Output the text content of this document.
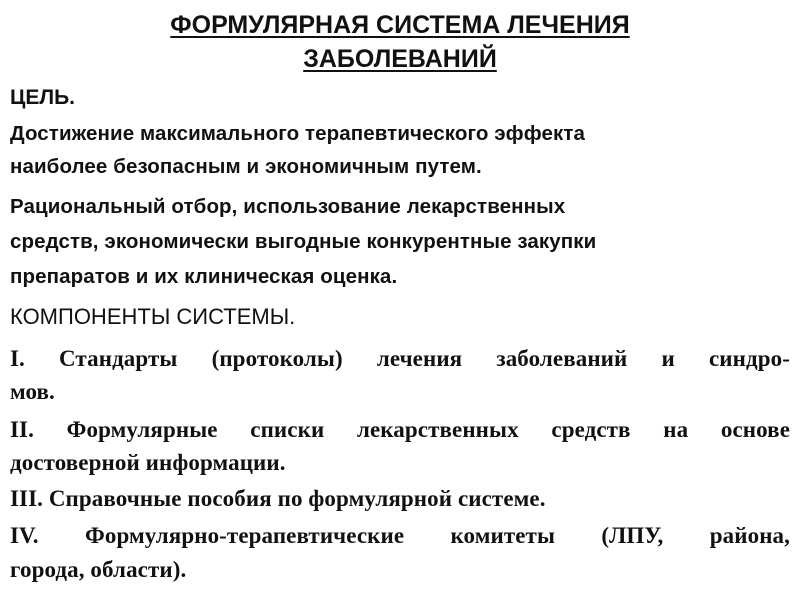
ФОРМУЛЯРНАЯ СИСТЕМА ЛЕЧЕНИЯ
ЗАБОЛЕВАНИЙ
ЦЕЛЬ.
Достижение максимального терапевтического эффекта
наиболее безопасным и экономичным путем.
Рациональный отбор, использование лекарственных
средств, экономически выгодные конкурентные закупки
препаратов и их клиническая оценка.
КОМПОНЕНТЫ СИСТЕМЫ.
I. Стандарты (протоколы) лечения заболеваний и синдро-
мов.
II. Формулярные списки лекарственных средств на основе
достоверной информации.
III. Справочные пособия по формулярной системе.
IV. Формулярно-терапевтические комитеты (ЛПУ, района,
города, области).
